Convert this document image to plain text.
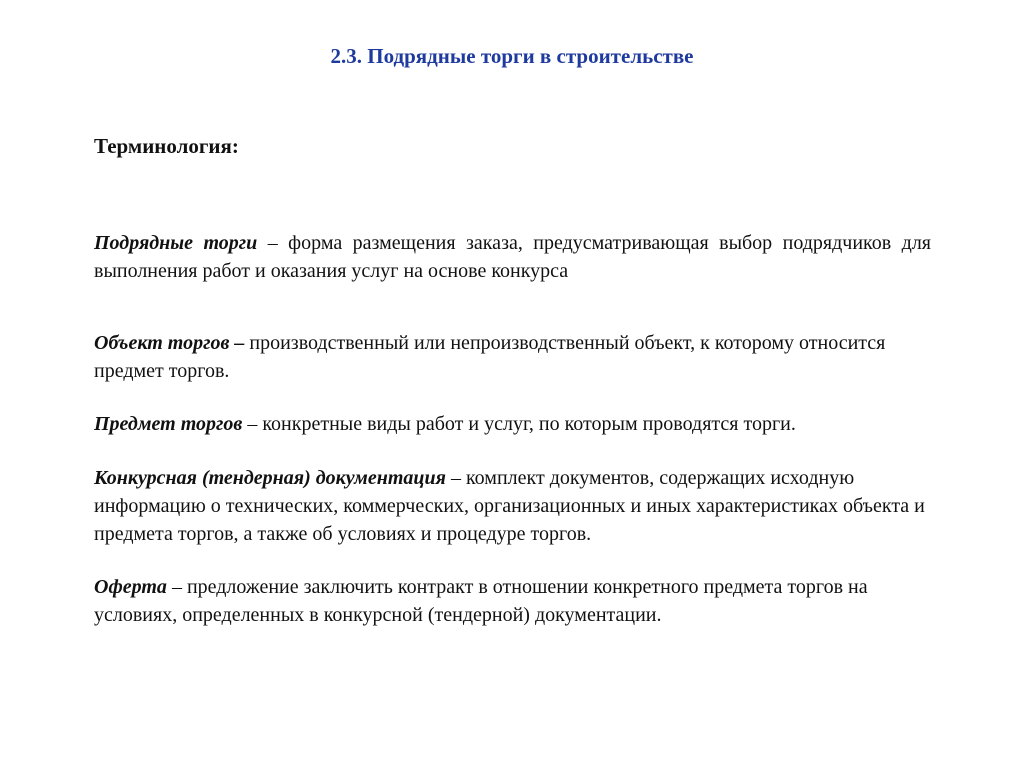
2.3. Подрядные торги в строительстве
Терминология:

Подрядные торги – форма размещения заказа, предусматривающая выбор подрядчиков для выполнения работ и оказания услуг на основе конкурса

Объект торгов – производственный или непроизводственный объект, к которому относится предмет торгов.

Предмет торгов – конкретные виды работ и услуг, по которым проводятся торги.

Конкурсная (тендерная) документация – комплект документов, содержащих исходную информацию о технических, коммерческих, организационных и иных характеристиках объекта и предмета торгов, а также об условиях и процедуре торгов.

Оферта – предложение заключить контракт в отношении конкретного предмета торгов на условиях, определенных в конкурсной (тендерной) документации.
